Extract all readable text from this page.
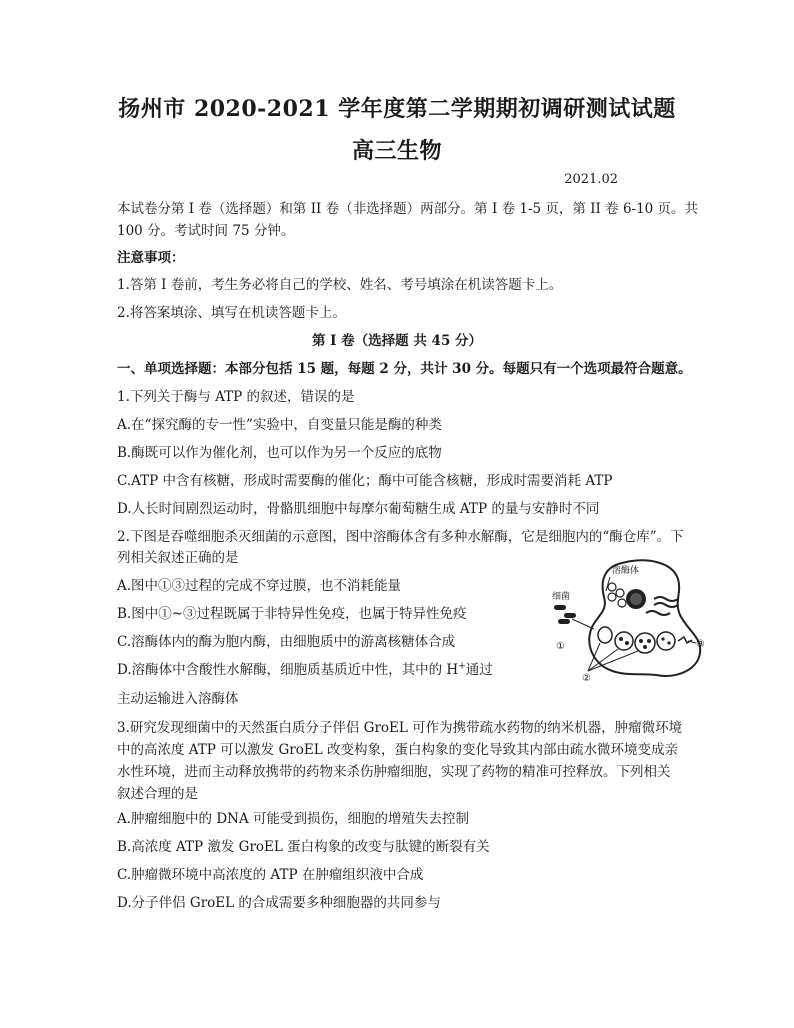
扬州市 2020-2021 学年度第二学期期初调研测试试题
高三生物
2021.02
本试卷分第 I 卷（选择题）和第 II 卷（非选择题）两部分。第 I 卷 1-5 页，第 II 卷 6-10 页。共
100 分。考试时间 75 分钟。
注意事项：
1.答第 I 卷前，考生务必将自己的学校、姓名、考号填涂在机读答题卡上。
2.将答案填涂、填写在机读答题卡上。
第 I 卷（选择题 共 45 分）
一、单项选择题：本部分包括 15 题，每题 2 分，共计 30 分。每题只有一个选项最符合题意。
1.下列关于酶与 ATP 的叙述，错误的是
A.在“探究酶的专一性”实验中，自变量只能是酶的种类
B.酶既可以作为催化剂，也可以作为另一个反应的底物
C.ATP 中含有核糖，形成时需要酶的催化；酶中可能含核糖，形成时需要消耗 ATP
D.人长时间剧烈运动时，骨骼肌细胞中每摩尔葡萄糖生成 ATP 的量与安静时不同
2.下图是吞噬细胞杀灭细菌的示意图，图中溶酶体含有多种水解酶，它是细胞内的“酶仓库”。下
列相关叙述正确的是
A.图中①③过程的完成不穿过膜，也不消耗能量
B.图中①~③过程既属于非特异性免疫，也属于特异性免疫
C.溶酶体内的酶为胞内酶，由细胞质中的游离核糖体合成
D.溶酶体中含酸性水解酶，细胞质基质近中性，其中的 H+通过
主动运输进入溶酶体
溶酶体
细菌
①
②
③
3.研究发现细菌中的天然蛋白质分子伴侣 GroEL 可作为携带疏水药物的纳米机器，肿瘤微环境
中的高浓度 ATP 可以激发 GroEL 改变构象，蛋白构象的变化导致其内部由疏水微环境变成亲
水性环境，进而主动释放携带的药物来杀伤肿瘤细胞，实现了药物的精准可控释放。下列相关
叙述合理的是
A.肿瘤细胞中的 DNA 可能受到损伤，细胞的增殖失去控制
B.高浓度 ATP 激发 GroEL 蛋白构象的改变与肽键的断裂有关
C.肿瘤微环境中高浓度的 ATP 在肿瘤组织液中合成
D.分子伴侣 GroEL 的合成需要多种细胞器的共同参与
